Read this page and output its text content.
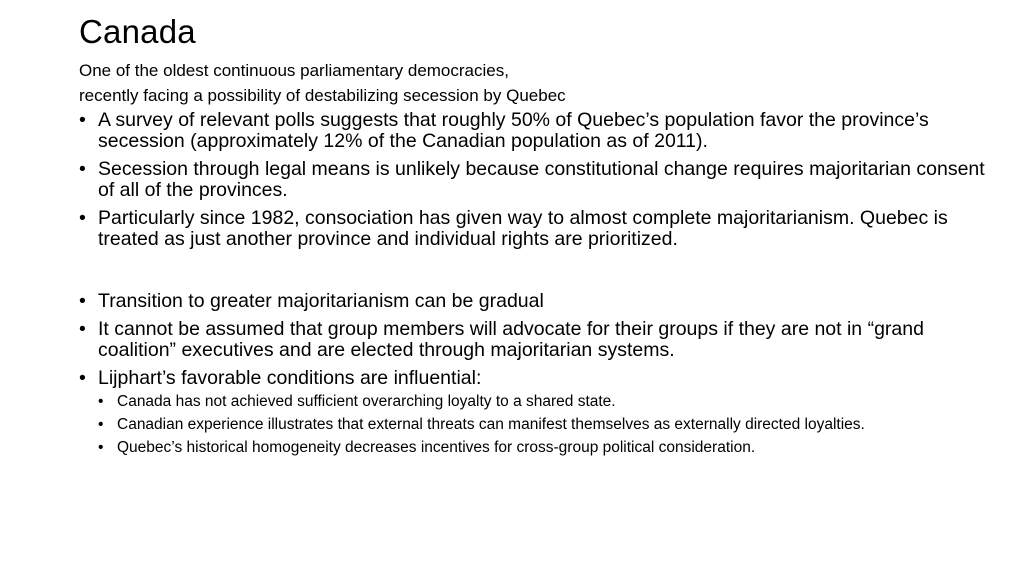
Canada
One of the oldest continuous parliamentary democracies,
recently facing a possibility of destabilizing secession by Quebec
• A survey of relevant polls suggests that roughly 50% of Quebec’s population favor the province’s secession (approximately 12% of the Canadian population as of 2011).
• Secession through legal means is unlikely because constitutional change requires majoritarian consent of all of the provinces.
• Particularly since 1982, consociation has given way to almost complete majoritarianism. Quebec is treated as just another province and individual rights are prioritized.
• Transition to greater majoritarianism can be gradual
• It cannot be assumed that group members will advocate for their groups if they are not in “grand coalition” executives and are elected through majoritarian systems.
• Lijphart’s favorable conditions are influential:
• Canada has not achieved sufficient overarching loyalty to a shared state.
• Canadian experience illustrates that external threats can manifest themselves as externally directed loyalties.
• Quebec’s historical homogeneity decreases incentives for cross-group political consideration.
